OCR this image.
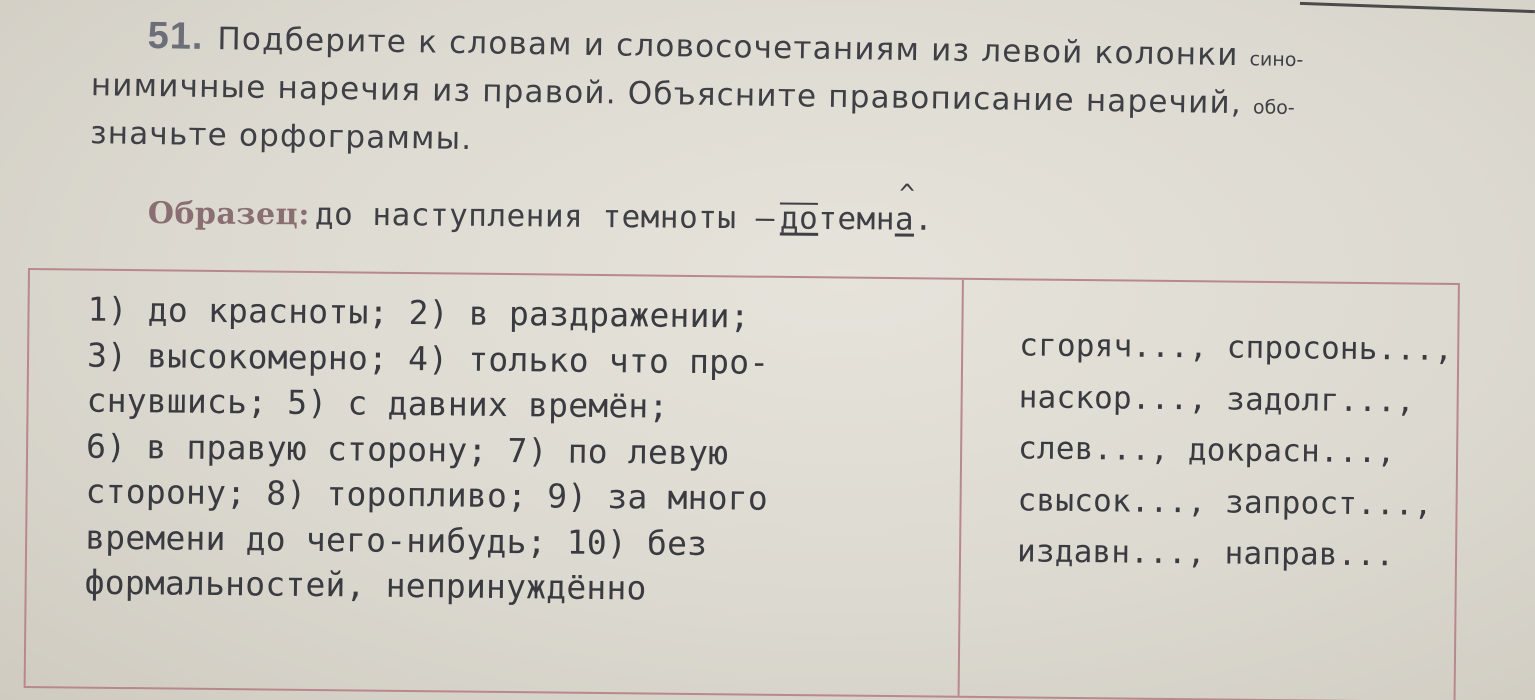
51. Подберите к словам и словосочетаниям из левой колонки сино-
нимичные наречия из правой. Объясните правописание наречий, обо-
значьте орфограммы.
Образец: до наступления темноты — дотемн^ а.
1) до красноты; 2) в раздражении;
3) высокомерно; 4) только что про-
снувшись; 5) с давних времён;
6) в правую сторону; 7) по левую
сторону; 8) торопливо; 9) за много
времени до чего-нибудь; 10) без
формальностей, непринуждённо
сгоряч..., спросонь...,
наскор..., задолг...,
слев..., докрасн...,
свысок..., запрост...,
издавн..., направ...
